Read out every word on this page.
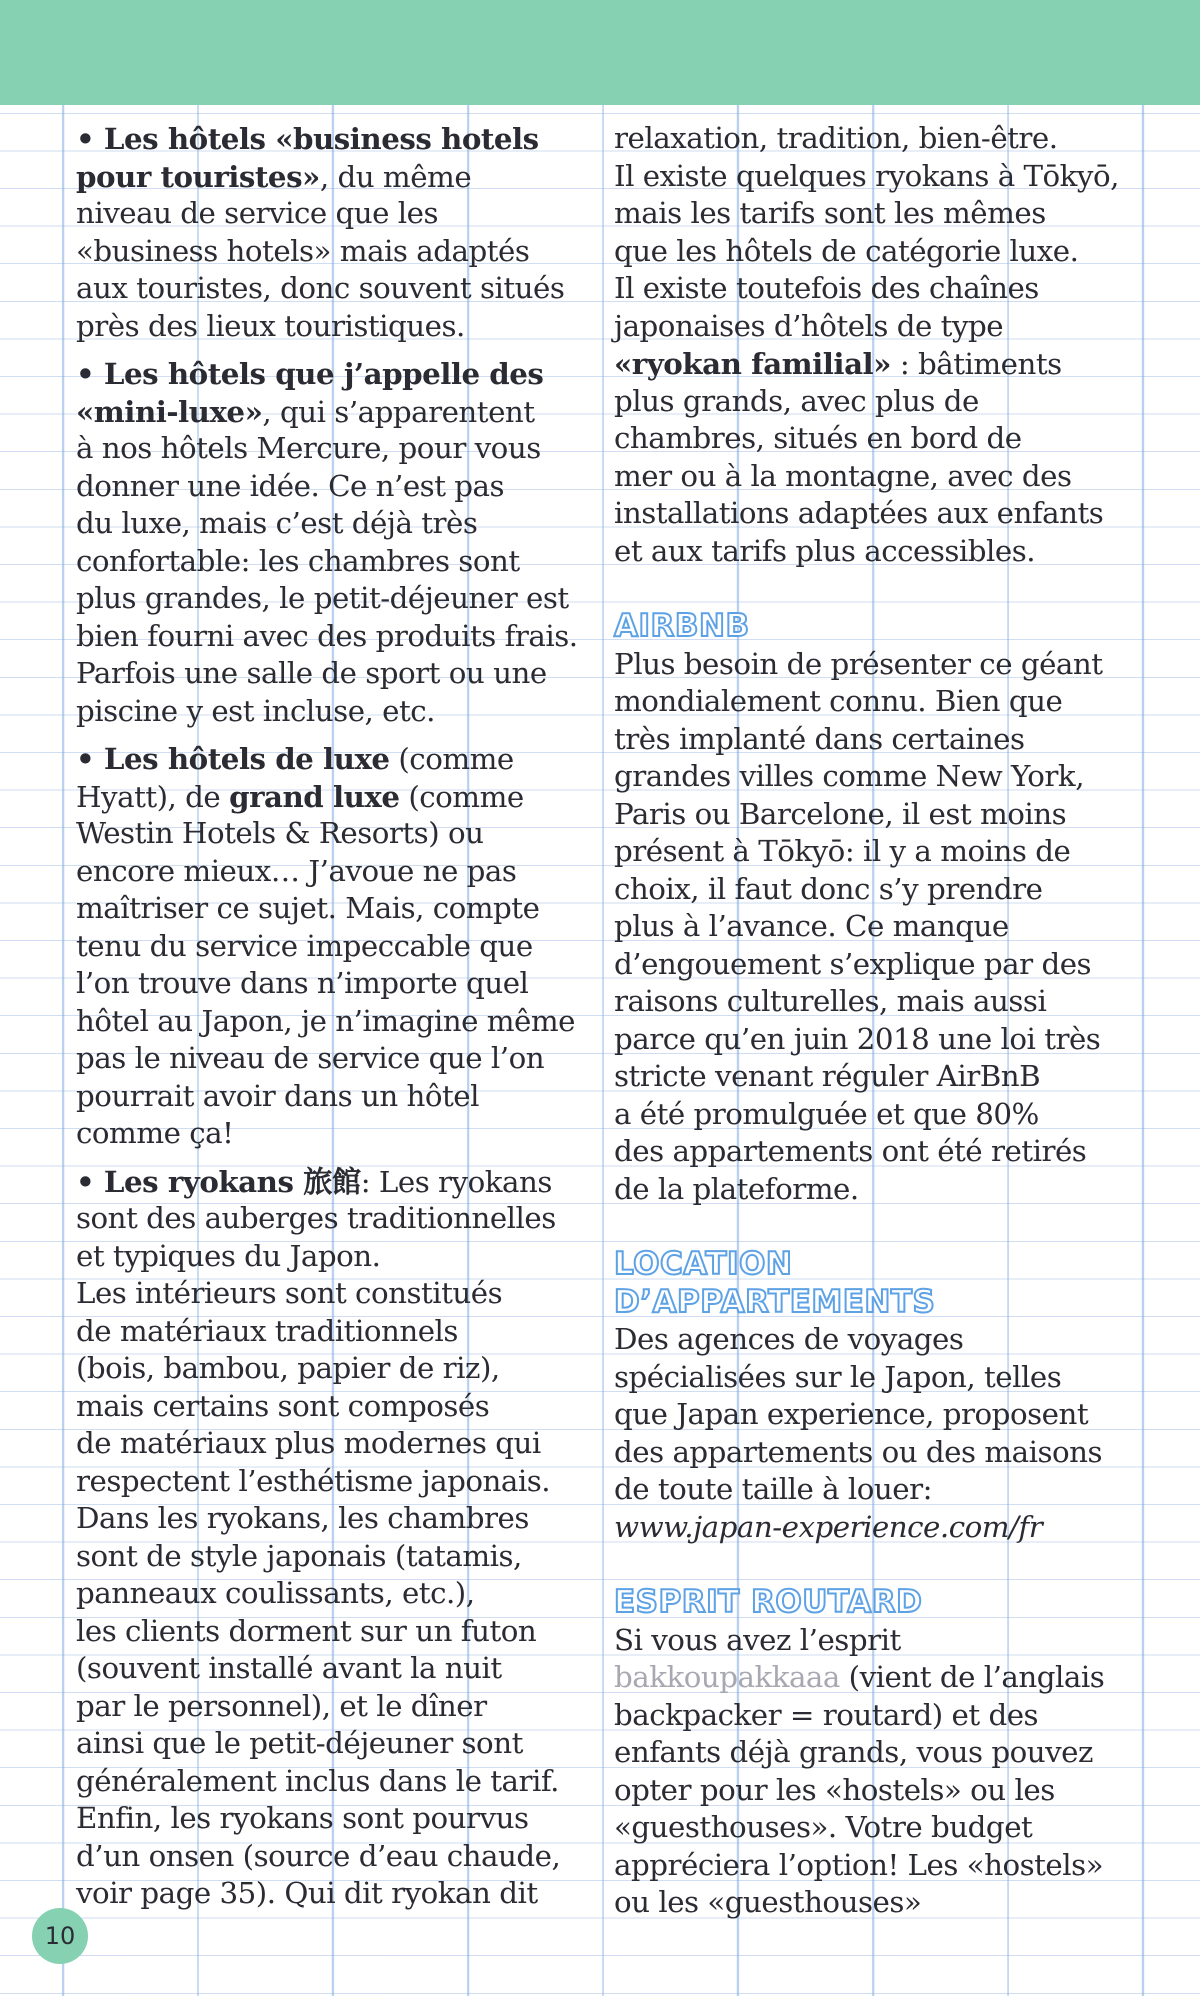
• Les hôtels «business hotels
pour touristes», du même
niveau de service que les
«business hotels» mais adaptés
aux touristes, donc souvent situés
près des lieux touristiques.
• Les hôtels que j’appelle des
«mini-luxe», qui s’apparentent
à nos hôtels Mercure, pour vous
donner une idée. Ce n’est pas
du luxe, mais c’est déjà très
confortable: les chambres sont
plus grandes, le petit-déjeuner est
bien fourni avec des produits frais.
Parfois une salle de sport ou une
piscine y est incluse, etc.
• Les hôtels de luxe (comme
Hyatt), de grand luxe (comme
Westin Hotels & Resorts) ou
encore mieux… J’avoue ne pas
maîtriser ce sujet. Mais, compte
tenu du service impeccable que
l’on trouve dans n’importe quel
hôtel au Japon, je n’imagine même
pas le niveau de service que l’on
pourrait avoir dans un hôtel
comme ça!
• Les ryokans 旅館: Les ryokans
sont des auberges traditionnelles
et typiques du Japon.
Les intérieurs sont constitués
de matériaux traditionnels
(bois, bambou, papier de riz),
mais certains sont composés
de matériaux plus modernes qui
respectent l’esthétisme japonais.
Dans les ryokans, les chambres
sont de style japonais (tatamis,
panneaux coulissants, etc.),
les clients dorment sur un futon
(souvent installé avant la nuit
par le personnel), et le dîner
ainsi que le petit-déjeuner sont
généralement inclus dans le tarif.
Enfin, les ryokans sont pourvus
d’un onsen (source d’eau chaude,
voir page 35). Qui dit ryokan dit
relaxation, tradition, bien-être.
Il existe quelques ryokans à Tōkyō,
mais les tarifs sont les mêmes
que les hôtels de catégorie luxe.
Il existe toutefois des chaînes
japonaises d’hôtels de type
«ryokan familial» : bâtiments
plus grands, avec plus de
chambres, situés en bord de
mer ou à la montagne, avec des
installations adaptées aux enfants
et aux tarifs plus accessibles.
AIRBNB
Plus besoin de présenter ce géant
mondialement connu. Bien que
très implanté dans certaines
grandes villes comme New York,
Paris ou Barcelone, il est moins
présent à Tōkyō: il y a moins de
choix, il faut donc s’y prendre
plus à l’avance. Ce manque
d’engouement s’explique par des
raisons culturelles, mais aussi
parce qu’en juin 2018 une loi très
stricte venant réguler AirBnB
a été promulguée et que 80%
des appartements ont été retirés
de la plateforme.
LOCATION
D’APPARTEMENTS
Des agences de voyages
spécialisées sur le Japon, telles
que Japan experience, proposent
des appartements ou des maisons
de toute taille à louer:
www.japan-experience.com/fr
ESPRIT ROUTARD
Si vous avez l’esprit
bakkoupakkaaa (vient de l’anglais
backpacker = routard) et des
enfants déjà grands, vous pouvez
opter pour les «hostels» ou les
«guesthouses». Votre budget
appréciera l’option! Les «hostels»
ou les «guesthouses»
10
